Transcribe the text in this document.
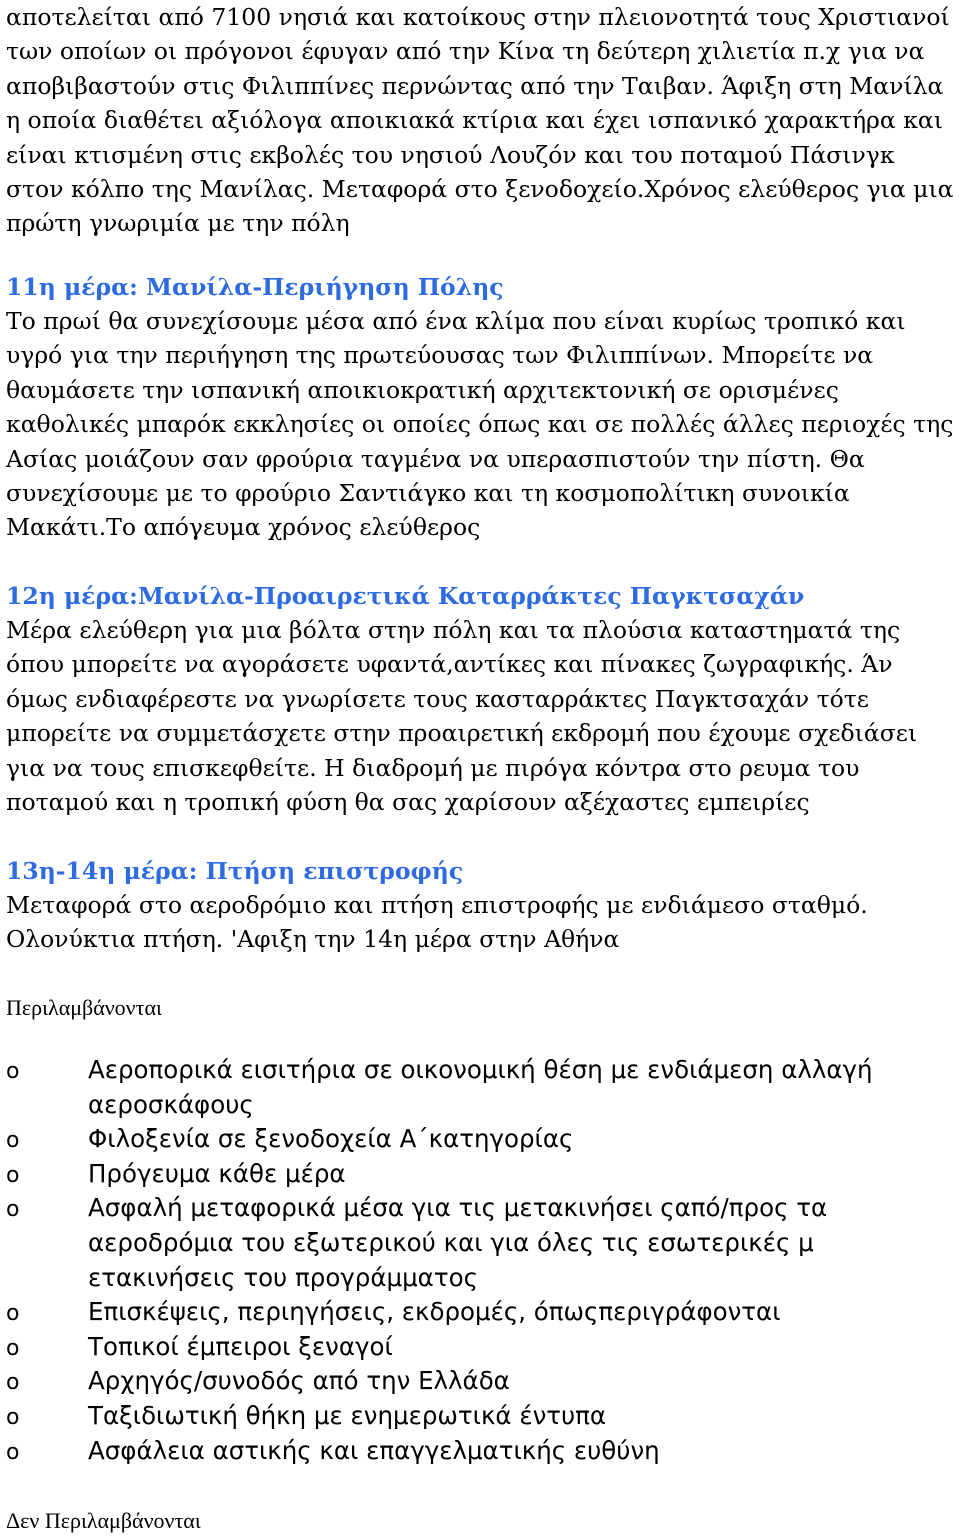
αποτελείται από 7100 νησιά και κατοίκους στην πλειονοτητά τους Χριστιανοί των οποίων οι πρόγονοι έφυγαν από την Κίνα τη δεύτερη χιλιετία π.χ για να αποβιβαστούν στις Φιλιππίνες περνώντας από την Ταιβαν. Άφιξη στη Μανίλα η οποία διαθέτει αξιόλογα αποικιακά κτίρια και έχει ισπανικό χαρακτήρα και είναι κτισμένη στις εκβολές του νησιού Λουζόν και του ποταμού Πάσινγκ στον κόλπο της Μανίλας. Μεταφορά στο ξενοδοχείο.Χρόνος ελεύθερος για μια πρώτη γνωριμία με την πόλη

11η μέρα: Μανίλα-Περιήγηση Πόλης

Το πρωί θα συνεχίσουμε μέσα από ένα κλίμα που είναι κυρίως τροπικό και υγρό για την περιήγηση της πρωτεύουσας των Φιλιππίνων. Μπορείτε να θαυμάσετε την ισπανική αποικιοκρατική αρχιτεκτονική σε ορισμένες καθολικές μπαρόκ εκκλησίες οι οποίες όπως και σε πολλές άλλες περιοχές της Ασίας μοιάζουν σαν φρούρια ταγμένα να υπερασπιστούν την πίστη. Θα συνεχίσουμε με το φρούριο Σαντιάγκο και τη κοσμοπολίτικη συνοικία Μακάτι.Το απόγευμα χρόνος ελεύθερος

12η μέρα:Μανίλα-Προαιρετικά Καταρράκτες Παγκτσαχάν

Μέρα ελεύθερη για μια βόλτα στην πόλη και τα πλούσια καταστηματά της όπου μπορείτε να αγοράσετε υφαντά,αντίκες και πίνακες ζωγραφικής. Άν όμως ενδιαφέρεστε να γνωρίσετε τους κασταρράκτες Παγκτσαχάν τότε μπορείτε να συμμετάσχετε στην προαιρετική εκδρομή που έχουμε σχεδιάσει για να τους επισκεφθείτε. Η διαδρομή με πιρόγα κόντρα στο ρευμα του ποταμού και η τροπική φύση θα σας χαρίσουν αξέχαστες εμπειρίες

13η-14η μέρα: Πτήση επιστροφής

Μεταφορά στο αεροδρόμιο και πτήση επιστροφής με ενδιάμεσο σταθμό. Ολονύκτια πτήση. 'Αφιξη την 14η μέρα στην Αθήνα

Περιλαμβάνονται

o	Αεροπορικά εισιτήρια σε οικονομική θέση με ενδιάμεση αλλαγή αεροσκάφους
o	Φιλοξενία σε ξενοδοχεία Α΄κατηγορίας
o	Πρόγευμα κάθε μέρα
o	Ασφαλή μεταφορικά μέσα για τις μετακινήσει ςαπό/προς τα αεροδρόμια του εξωτερικού και για όλες τις εσωτερικές μ ετακινήσεις του προγράμματος
o	Επισκέψεις, περιηγήσεις, εκδρομές, όπωςπεριγράφονται
o	Τοπικοί έμπειροι ξεναγοί
o	Αρχηγός/συνοδός από την Ελλάδα
o	Ταξιδιωτική θήκη με ενημερωτικά έντυπα
o	Ασφάλεια αστικής και επαγγελματικής ευθύνη

Δεν Περιλαμβάνονται
